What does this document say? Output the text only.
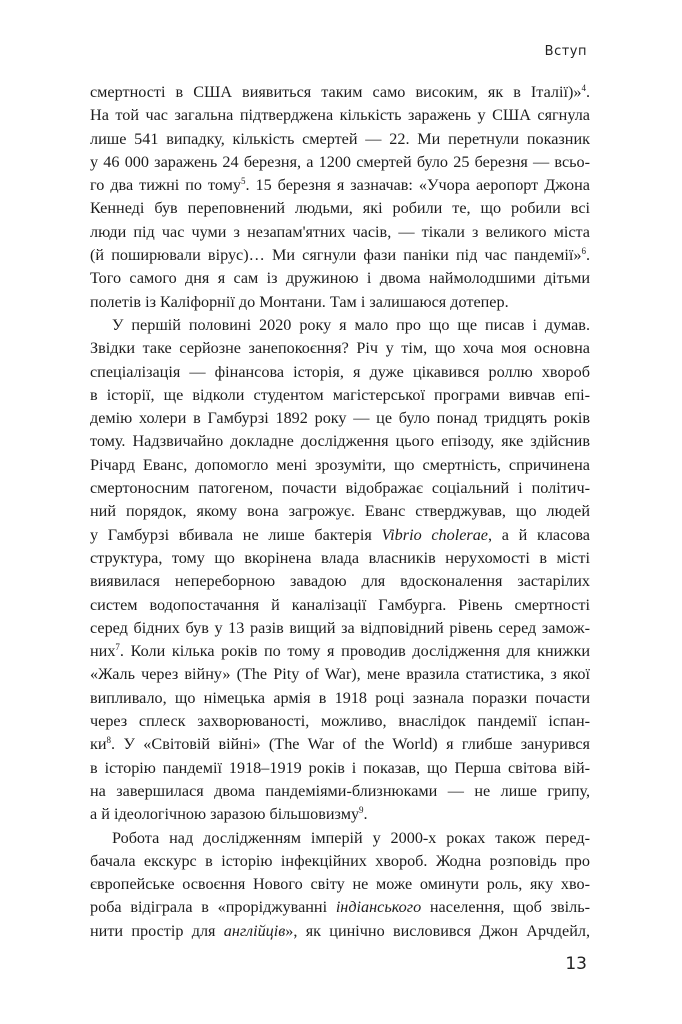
Вступ
смертності в США виявиться таким само високим, як в Італії)»$^4$.
На той час загальна підтверджена кількість заражень у США сягнула
лише 541 випадку, кількість смертей — 22. Ми перетнули показник
у 46 000 заражень 24 березня, а 1200 смертей було 25 березня — всьо-
го два тижні по тому$^5$. 15 березня я зазначав: «Учора аеропорт Джона
Кеннеді був переповнений людьми, які робили те, що робили всі
люди під час чуми з незапам'ятних часів, — тікали з великого міста
(й поширювали вірус)… Ми сягнули фази паніки під час пандемії»$^6$.
Того самого дня я сам із дружиною і двома наймолодшими дітьми
полетів із Каліфорнії до Монтани. Там і залишаюся дотепер.
У першій половині 2020 року я мало про що ще писав і думав.
Звідки таке серйозне занепокоєння? Річ у тім, що хоча моя основна
спеціалізація — фінансова історія, я дуже цікавився роллю хвороб
в історії, ще відколи студентом магістерської програми вивчав епі-
демію холери в Гамбурзі 1892 року — це було понад тридцять років
тому. Надзвичайно докладне дослідження цього епізоду, яке здійснив
Річард Еванс, допомогло мені зрозуміти, що смертність, спричинена
смертоносним патогеном, почасти відображає соціальний і політич-
ний порядок, якому вона загрожує. Еванс стверджував, що людей
у Гамбурзі вбивала не лише бактерія Vibrio cholerae, а й класова
структура, тому що вкорінена влада власників нерухомості в місті
виявилася непереборною завадою для вдосконалення застарілих
систем водопостачання й каналізації Гамбурга. Рівень смертності
серед бідних був у 13 разів вищий за відповідний рівень серед замож-
них$^7$. Коли кілька років по тому я проводив дослідження для книжки
«Жаль через війну» (The Pity of War), мене вразила статистика, з якої
випливало, що німецька армія в 1918 році зазнала поразки почасти
через сплеск захворюваності, можливо, внаслідок пандемії іспан-
$ки^8$. У «Світовій війні» (The War of the World) я глибше занурився
в історію пандемії 1918–1919 років і показав, що Перша світова вій-
на завершилася двома пандеміями-близнюками — не лише грипу,
а й ідеологічною заразою більшовизму$^9$.
Робота над дослідженням імперій у 2000-х роках також перед-
бачала екскурс в історію інфекційних хвороб. Жодна розповідь про
європейське освоєння Нового світу не може оминути роль, яку хво-
роба відіграла в «проріджуванні індіанського населення, щоб звіль-
нити простір для англійців», як цинічно висловився Джон Арчдейл,
13
